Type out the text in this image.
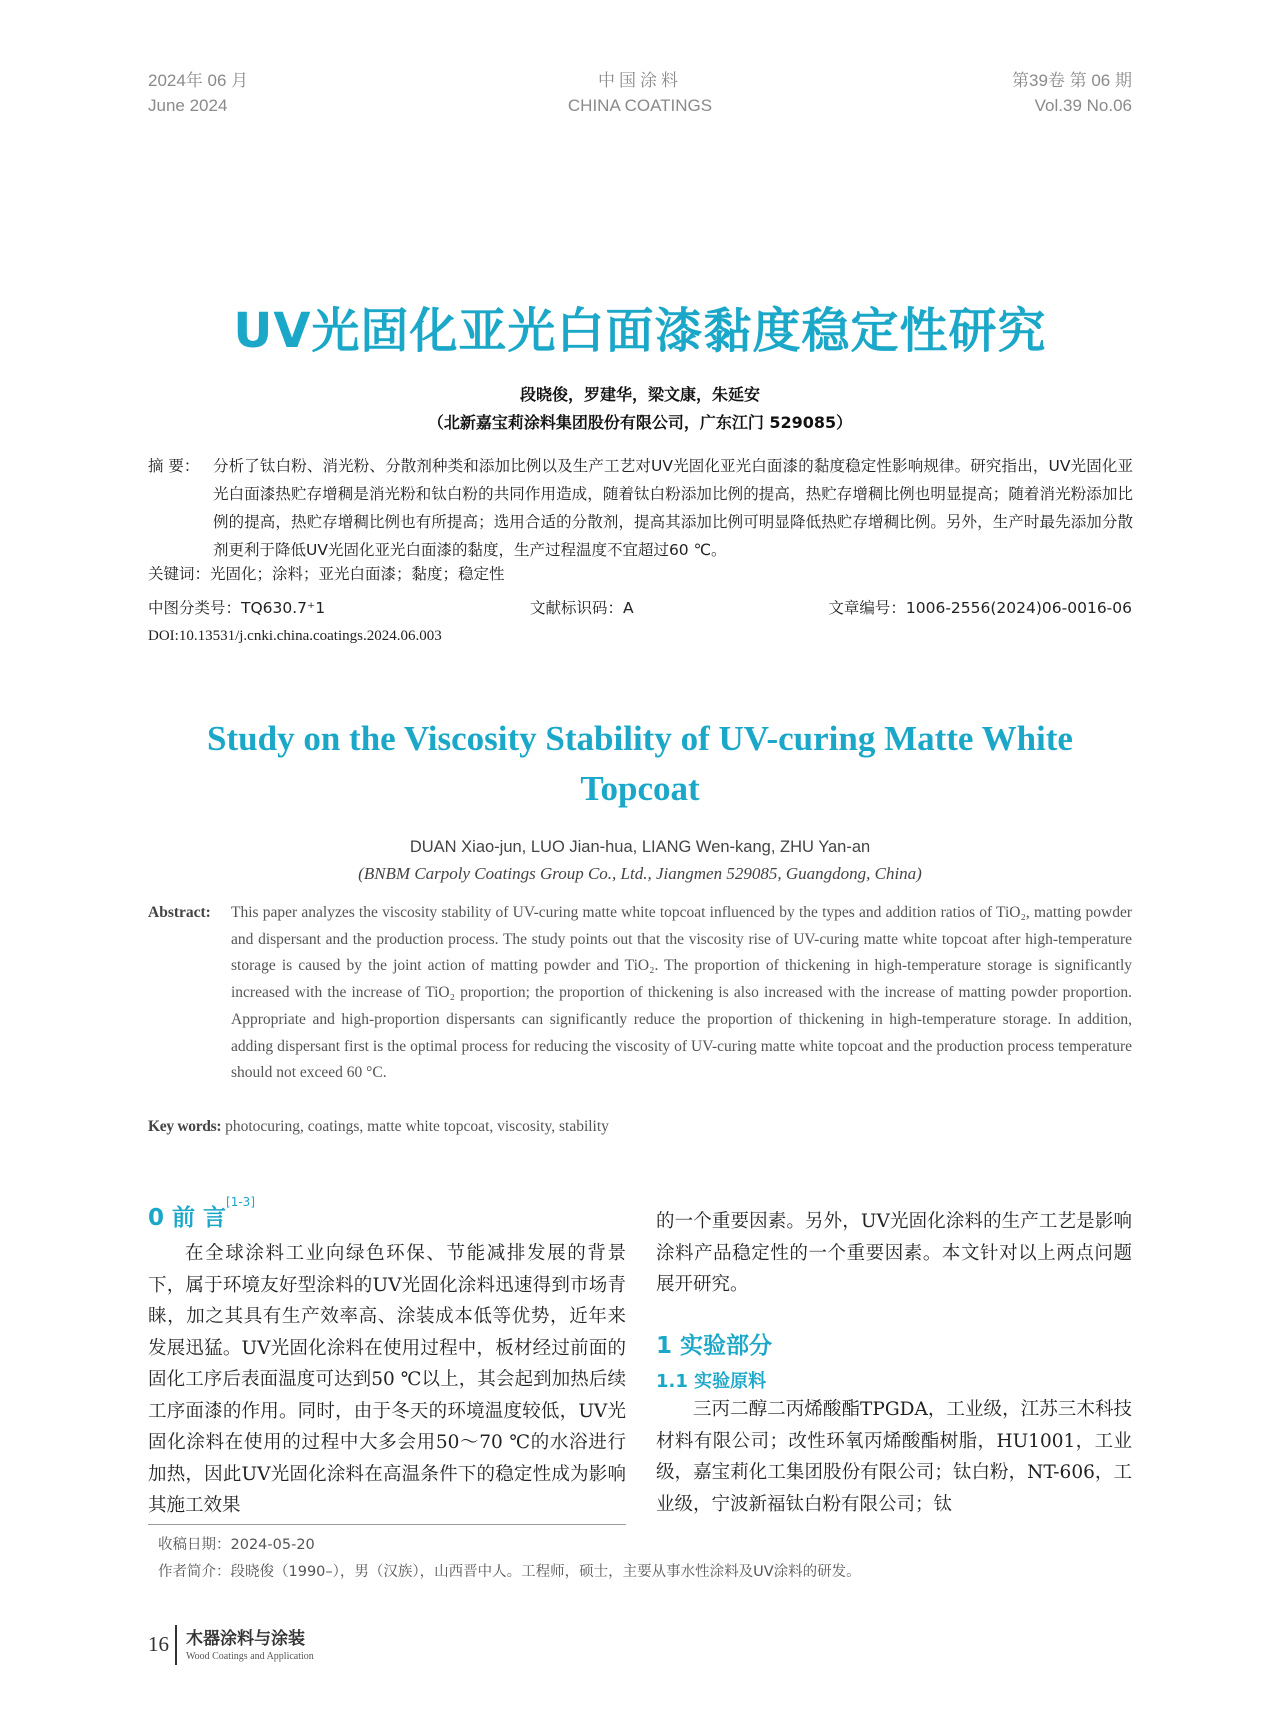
2024年 06 月
June 2024
中国涂料
CHINA COATINGS
第39卷 第 06 期
Vol.39 No.06
UV光固化亚光白面漆黏度稳定性研究
段晓俊，罗建华，梁文康，朱延安
（北新嘉宝莉涂料集团股份有限公司，广东江门 529085）
摘 要： 分析了钛白粉、消光粉、分散剂种类和添加比例以及生产工艺对UV光固化亚光白面漆的黏度稳定性影响规律。研究指出，UV光固化亚光白面漆热贮存增稠是消光粉和钛白粉的共同作用造成，随着钛白粉添加比例的提高，热贮存增稠比例也明显提高；随着消光粉添加比例的提高，热贮存增稠比例也有所提高；选用合适的分散剂，提高其添加比例可明显降低热贮存增稠比例。另外，生产时最先添加分散剂更利于降低UV光固化亚光白面漆的黏度，生产过程温度不宜超过60 ℃。
关键词：光固化；涂料；亚光白面漆；黏度；稳定性
中图分类号：TQ630.7⁺1	文献标识码：A	文章编号：1006-2556(2024)06-0016-06
DOI:10.13531/j.cnki.china.coatings.2024.06.003
Study on the Viscosity Stability of UV-curing Matte White Topcoat
DUAN Xiao-jun, LUO Jian-hua, LIANG Wen-kang, ZHU Yan-an
(BNBM Carpoly Coatings Group Co., Ltd., Jiangmen 529085, Guangdong, China)
Abstract: This paper analyzes the viscosity stability of UV-curing matte white topcoat influenced by the types and addition ratios of TiO₂, matting powder and dispersant and the production process. The study points out that the viscosity rise of UV-curing matte white topcoat after high-temperature storage is caused by the joint action of matting powder and TiO₂. The proportion of thickening in high-temperature storage is significantly increased with the increase of TiO₂ proportion; the proportion of thickening is also increased with the increase of matting powder proportion. Appropriate and high-proportion dispersants can significantly reduce the proportion of thickening in high-temperature storage. In addition, adding dispersant first is the optimal process for reducing the viscosity of UV-curing matte white topcoat and the production process temperature should not exceed 60 °C.
Key words: photocuring, coatings, matte white topcoat, viscosity, stability
0 前 言[1-3]
在全球涂料工业向绿色环保、节能减排发展的背景下，属于环境友好型涂料的UV光固化涂料迅速得到市场青睐，加之其具有生产效率高、涂装成本低等优势，近年来发展迅猛。UV光固化涂料在使用过程中，板材经过前面的固化工序后表面温度可达到50 ℃以上，其会起到加热后续工序面漆的作用。同时，由于冬天的环境温度较低，UV光固化涂料在使用的过程中大多会用50～70 ℃的水浴进行加热，因此UV光固化涂料在高温条件下的稳定性成为影响其施工效果
的一个重要因素。另外，UV光固化涂料的生产工艺是影响涂料产品稳定性的一个重要因素。本文针对以上两点问题展开研究。
1 实验部分
1.1 实验原料
三丙二醇二丙烯酸酯TPGDA，工业级，江苏三木科技材料有限公司；改性环氧丙烯酸酯树脂，HU1001，工业级，嘉宝莉化工集团股份有限公司；钛白粉，NT-606，工业级，宁波新福钛白粉有限公司；钛
收稿日期：2024-05-20
作者简介：段晓俊（1990–），男（汉族），山西晋中人。工程师，硕士，主要从事水性涂料及UV涂料的研发。
16 木器涂料与涂装
Wood Coatings and Application
